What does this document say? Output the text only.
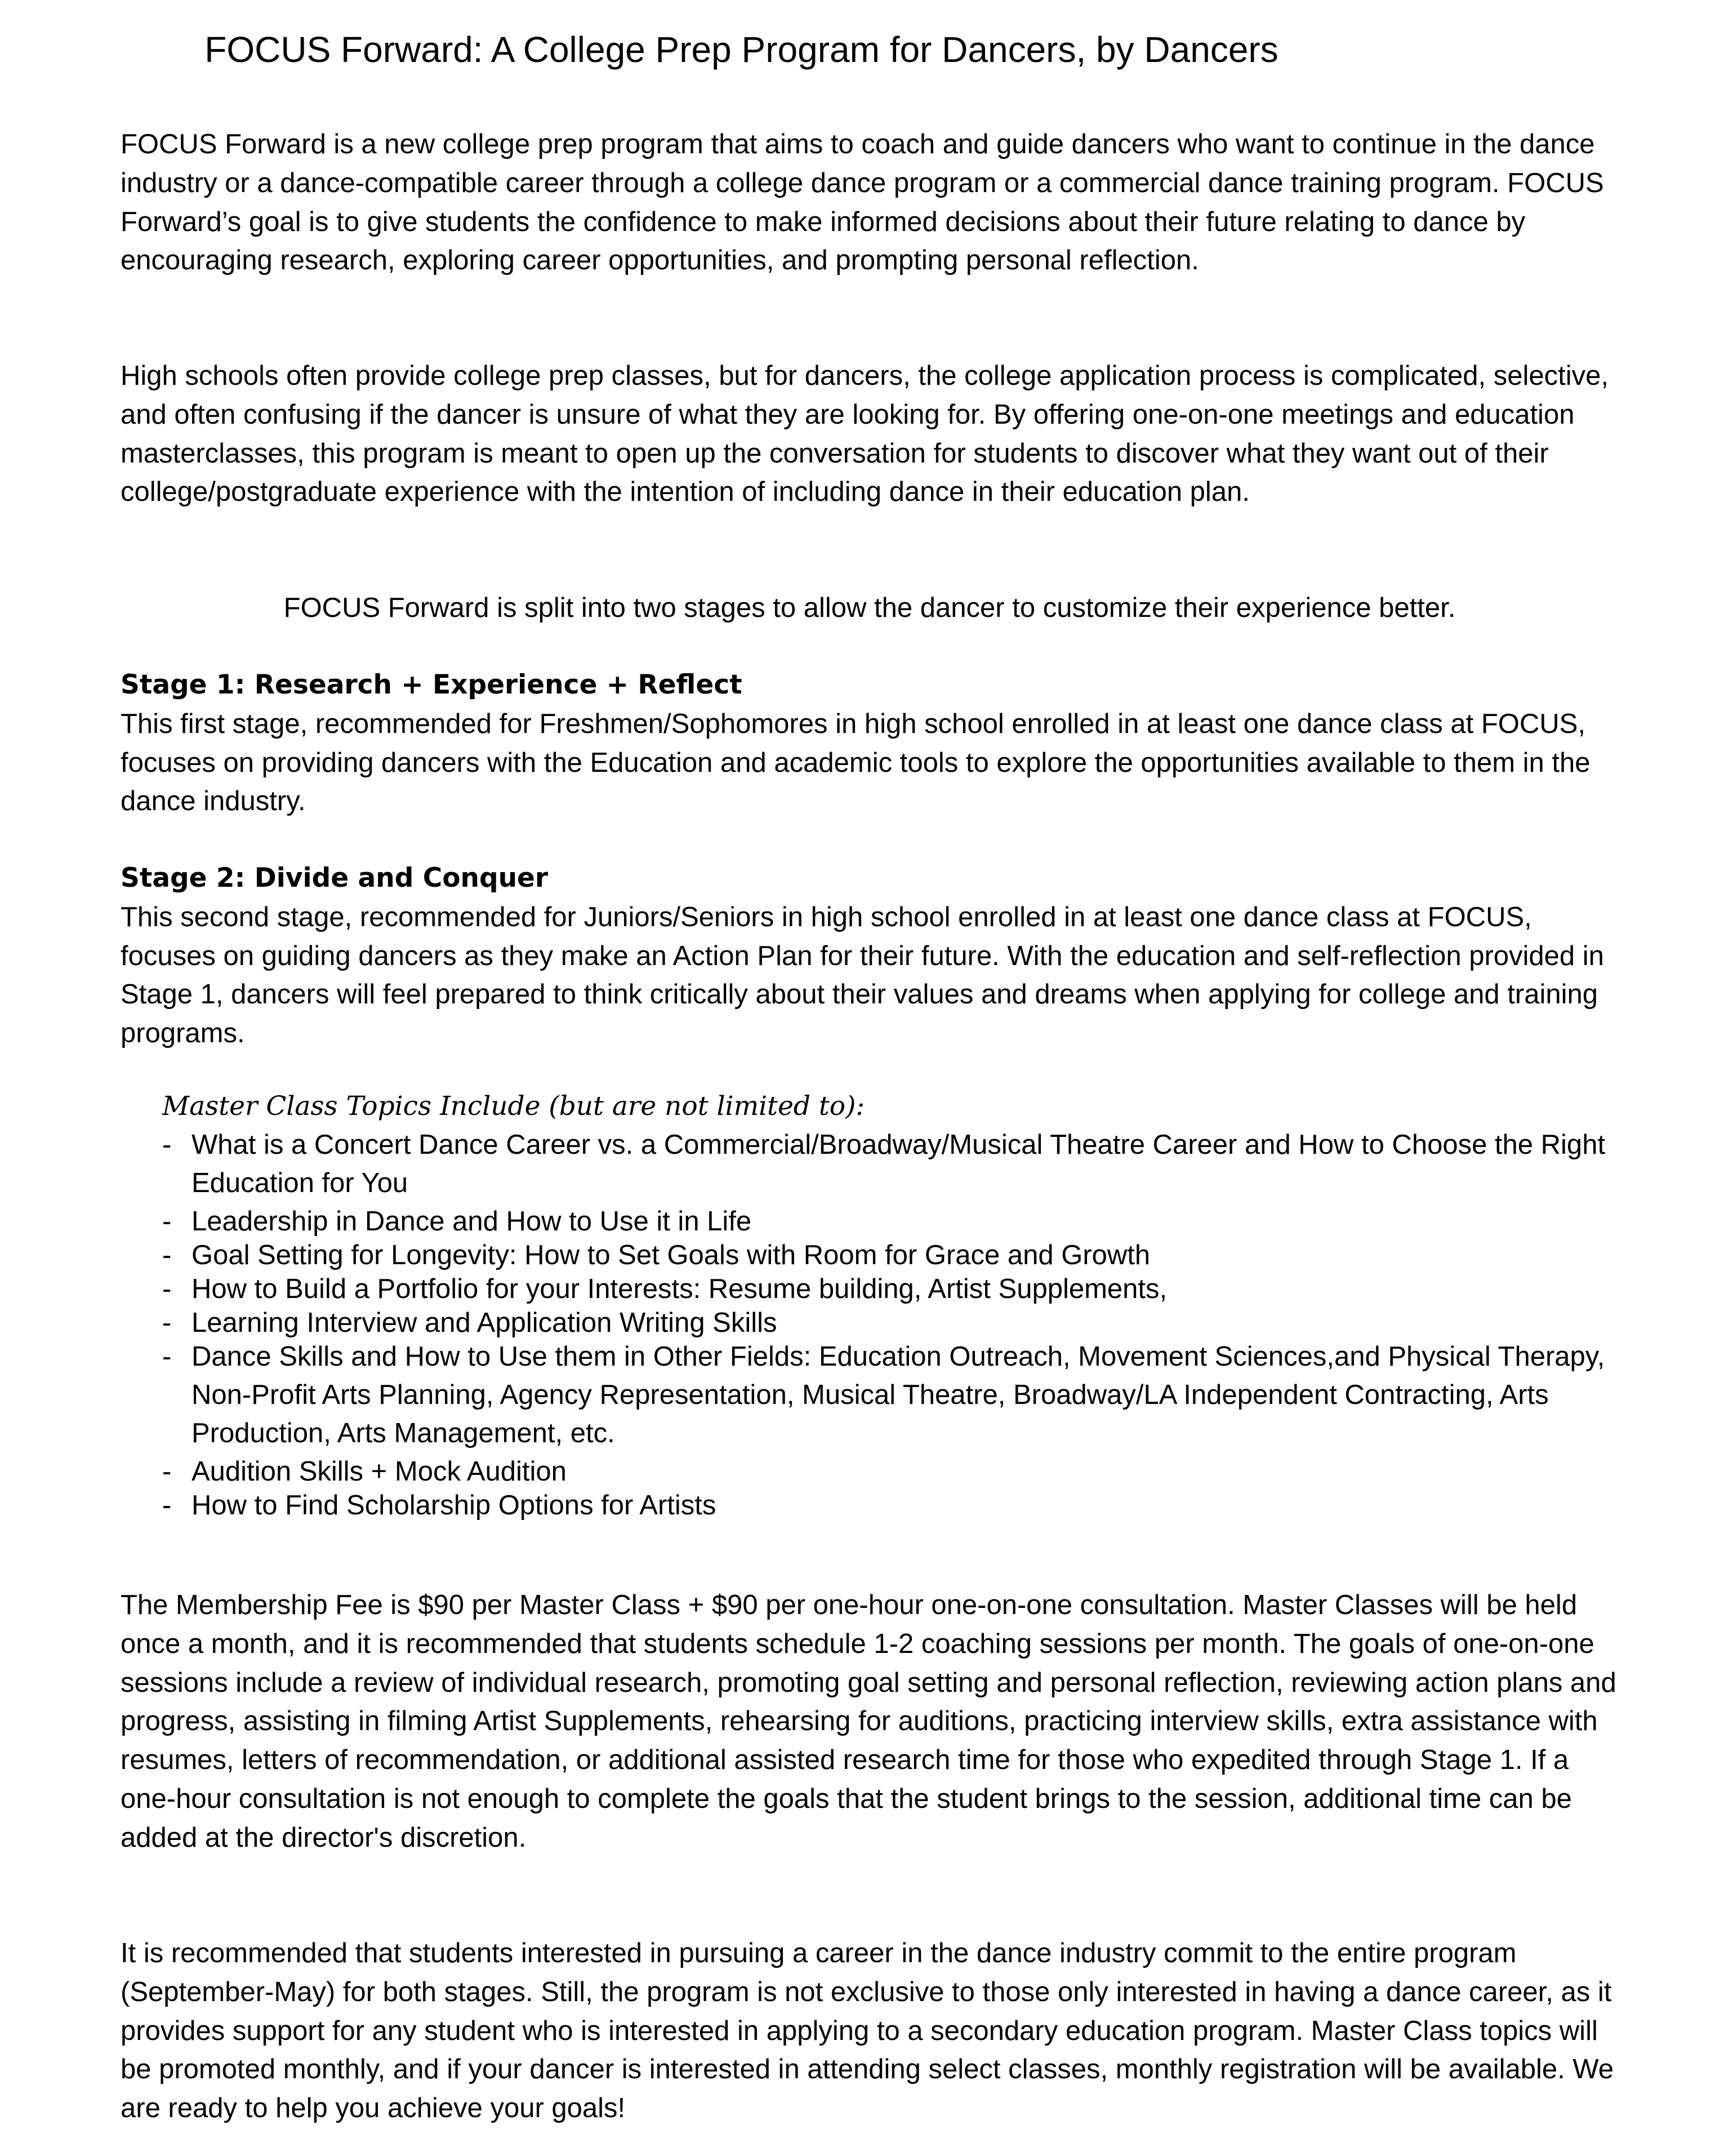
FOCUS Forward: A College Prep Program for Dancers, by Dancers

FOCUS Forward is a new college prep program that aims to coach and guide dancers who want to continue in the dance industry or a dance-compatible career through a college dance program or a commercial dance training program. FOCUS Forward’s goal is to give students the confidence to make informed decisions about their future relating to dance by encouraging research, exploring career opportunities, and prompting personal reflection.

High schools often provide college prep classes, but for dancers, the college application process is complicated, selective, and often confusing if the dancer is unsure of what they are looking for. By offering one-on-one meetings and education masterclasses, this program is meant to open up the conversation for students to discover what they want out of their college/postgraduate experience with the intention of including dance in their education plan.

FOCUS Forward is split into two stages to allow the dancer to customize their experience better.

Stage 1: Research + Experience + Reflect
This first stage, recommended for Freshmen/Sophomores in high school enrolled in at least one dance class at FOCUS, focuses on providing dancers with the Education and academic tools to explore the opportunities available to them in the dance industry.
Stage 2: Divide and Conquer
This second stage, recommended for Juniors/Seniors in high school enrolled in at least one dance class at FOCUS, focuses on guiding dancers as they make an Action Plan for their future. With the education and self-reflection provided in Stage 1, dancers will feel prepared to think critically about their values and dreams when applying for college and training programs.

Master Class Topics Include (but are not limited to):

- What is a Concert Dance Career vs. a Commercial/Broadway/Musical Theatre Career and How to Choose the Right Education for You
- Leadership in Dance and How to Use it in Life
- Goal Setting for Longevity: How to Set Goals with Room for Grace and Growth
- How to Build a Portfolio for your Interests: Resume building, Artist Supplements,
- Learning Interview and Application Writing Skills
- Dance Skills and How to Use them in Other Fields: Education Outreach, Movement Sciences,and Physical Therapy, Non-Profit Arts Planning, Agency Representation, Musical Theatre, Broadway/LA Independent Contracting, Arts Production, Arts Management, etc.
- Audition Skills + Mock Audition
- How to Find Scholarship Options for Artists

The Membership Fee is $90 per Master Class + $90 per one-hour one-on-one consultation. Master Classes will be held once a month, and it is recommended that students schedule 1-2 coaching sessions per month. The goals of one-on-one sessions include a review of individual research, promoting goal setting and personal reflection, reviewing action plans and progress, assisting in filming Artist Supplements, rehearsing for auditions, practicing interview skills, extra assistance with resumes, letters of recommendation, or additional assisted research time for those who expedited through Stage 1. If a one-hour consultation is not enough to complete the goals that the student brings to the session, additional time can be added at the director's discretion.

It is recommended that students interested in pursuing a career in the dance industry commit to the entire program (September-May) for both stages. Still, the program is not exclusive to those only interested in having a dance career, as it provides support for any student who is interested in applying to a secondary education program. Master Class topics will be promoted monthly, and if your dancer is interested in attending select classes, monthly registration will be available. We are ready to help you achieve your goals!
